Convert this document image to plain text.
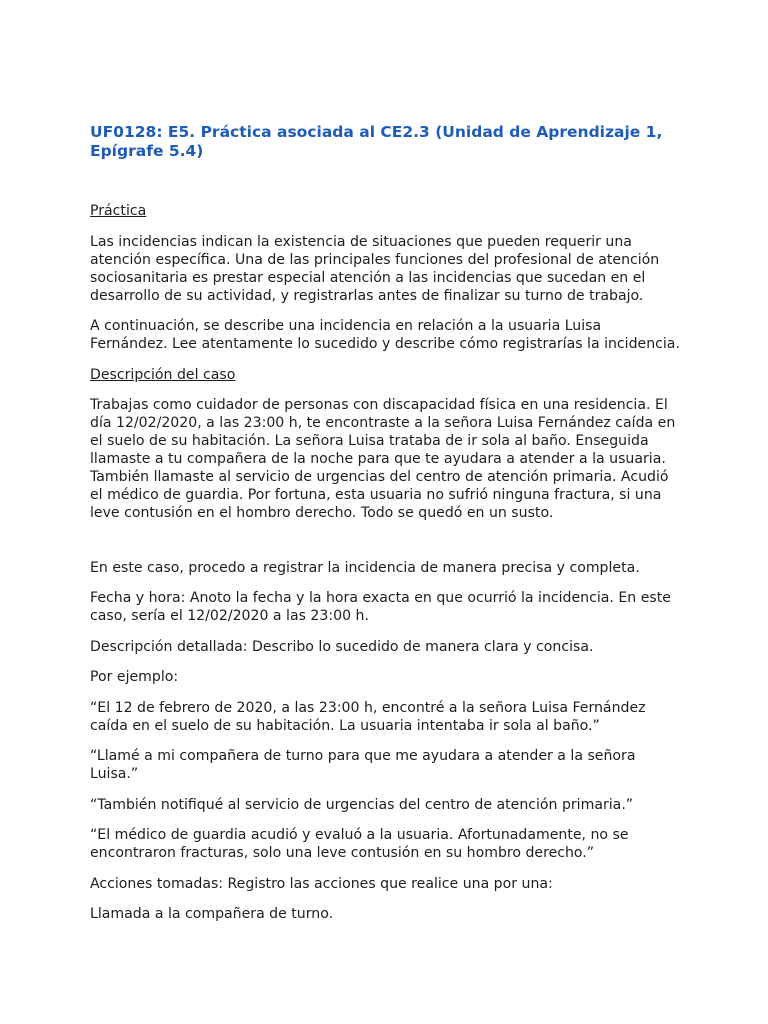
UF0128: E5. Práctica asociada al CE2.3 (Unidad de Aprendizaje 1, Epígrafe 5.4)

Práctica

Las incidencias indican la existencia de situaciones que pueden requerir una atención específica. Una de las principales funciones del profesional de atención sociosanitaria es prestar especial atención a las incidencias que sucedan en el desarrollo de su actividad, y registrarlas antes de finalizar su turno de trabajo.

A continuación, se describe una incidencia en relación a la usuaria Luisa Fernández. Lee atentamente lo sucedido y describe cómo registrarías la incidencia.

Descripción del caso

Trabajas como cuidador de personas con discapacidad física en una residencia. El día 12/02/2020, a las 23:00 h, te encontraste a la señora Luisa Fernández caída en el suelo de su habitación. La señora Luisa trataba de ir sola al baño. Enseguida llamaste a tu compañera de la noche para que te ayudara a atender a la usuaria. También llamaste al servicio de urgencias del centro de atención primaria. Acudió el médico de guardia. Por fortuna, esta usuaria no sufrió ninguna fractura, si una leve contusión en el hombro derecho. Todo se quedó en un susto.

En este caso, procedo a registrar la incidencia de manera precisa y completa.

Fecha y hora: Anoto la fecha y la hora exacta en que ocurrió la incidencia. En este caso, sería el 12/02/2020 a las 23:00 h.

Descripción detallada: Describo lo sucedido de manera clara y concisa.

Por ejemplo:

“El 12 de febrero de 2020, a las 23:00 h, encontré a la señora Luisa Fernández caída en el suelo de su habitación. La usuaria intentaba ir sola al baño.”

“Llamé a mi compañera de turno para que me ayudara a atender a la señora Luisa.”

“También notifiqué al servicio de urgencias del centro de atención primaria.”

“El médico de guardia acudió y evaluó a la usuaria. Afortunadamente, no se encontraron fracturas, solo una leve contusión en su hombro derecho.”

Acciones tomadas: Registro las acciones que realice una por una:

Llamada a la compañera de turno.
